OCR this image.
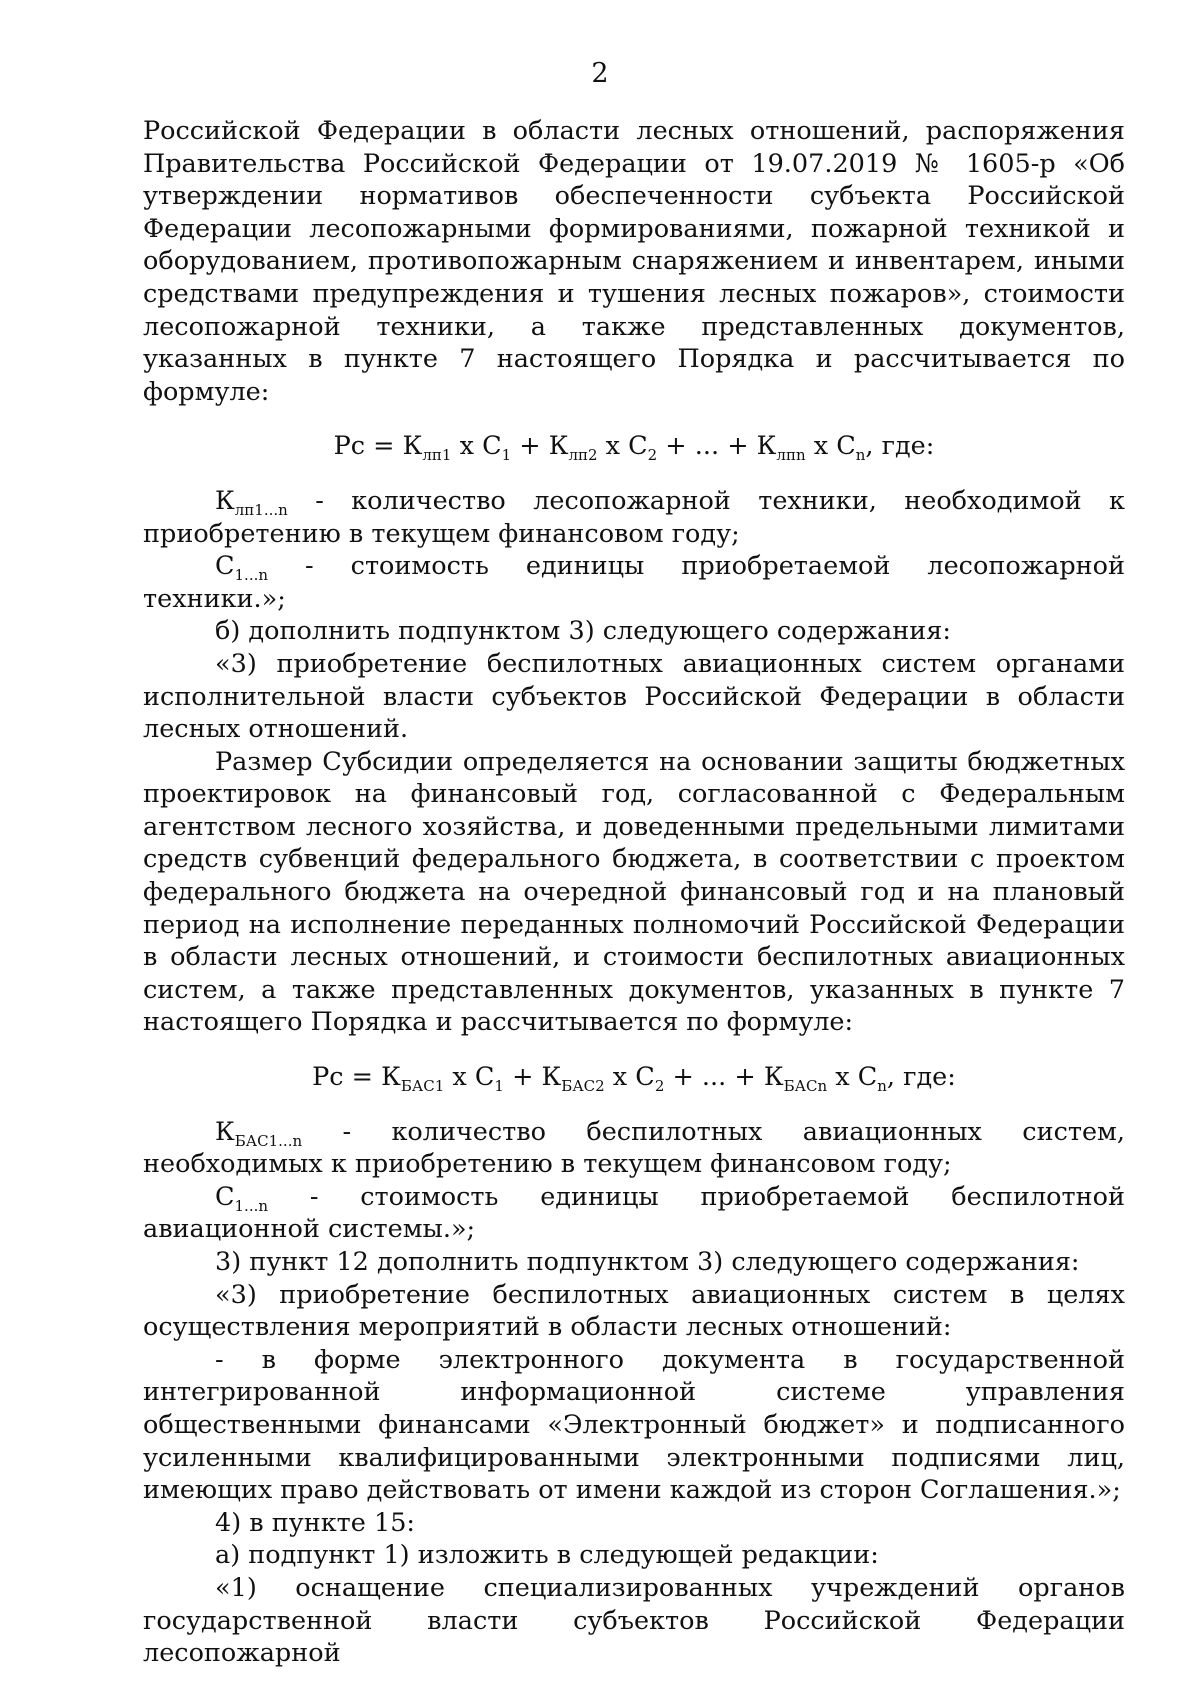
2

Российской Федерации в области лесных отношений, распоряжения Правительства Российской Федерации от 19.07.2019 № 1605-р «Об утверждении нормативов обеспеченности субъекта Российской Федерации лесопожарными формированиями, пожарной техникой и оборудованием, противопожарным снаряжением и инвентарем, иными средствами предупреждения и тушения лесных пожаров», стоимости лесопожарной техники, а также представленных документов, указанных в пункте 7 настоящего Порядка и рассчитывается по формуле:

Рс = $К_{лп1}$ х $С_1 + К_{лп2}$ х $С_2$ + ... + $К_{лпn}$ х $С_n$, где:

$К_{лп1...n}$ - количество лесопожарной техники, необходимой к приобретению в текущем финансовом году;

$С_{1...n}$ - стоимость единицы приобретаемой лесопожарной техники.»;

б) дополнить подпунктом 3) следующего содержания:

«3) приобретение беспилотных авиационных систем органами исполнительной власти субъектов Российской Федерации в области лесных отношений.

Размер Субсидии определяется на основании защиты бюджетных проектировок на финансовый год, согласованной с Федеральным агентством лесного хозяйства, и доведенными предельными лимитами средств субвенций федерального бюджета, в соответствии с проектом федерального бюджета на очередной финансовый год и на плановый период на исполнение переданных полномочий Российской Федерации в области лесных отношений, и стоимости беспилотных авиационных систем, а также представленных документов, указанных в пункте 7 настоящего Порядка и рассчитывается по формуле:

Рс = $К_{БАС1}$ х $С_1 + К_{БАС2}$ х $С_2$ + ... + $К_{БАСn}$ х $С_n$, где:

$К_{БАС1...n}$ - количество беспилотных авиационных систем, необходимых к приобретению в текущем финансовом году;

$С_{1...n}$ - стоимость единицы приобретаемой беспилотной авиационной системы.»;

3) пункт 12 дополнить подпунктом 3) следующего содержания:

«3) приобретение беспилотных авиационных систем в целях осуществления мероприятий в области лесных отношений:

- в форме электронного документа в государственной интегрированной информационной системе управления общественными финансами «Электронный бюджет» и подписанного усиленными квалифицированными электронными подписями лиц, имеющих право действовать от имени каждой из сторон Соглашения.»;

4) в пункте 15:

а) подпункт 1) изложить в следующей редакции:

«1) оснащение специализированных учреждений органов государственной власти субъектов Российской Федерации лесопожарной
